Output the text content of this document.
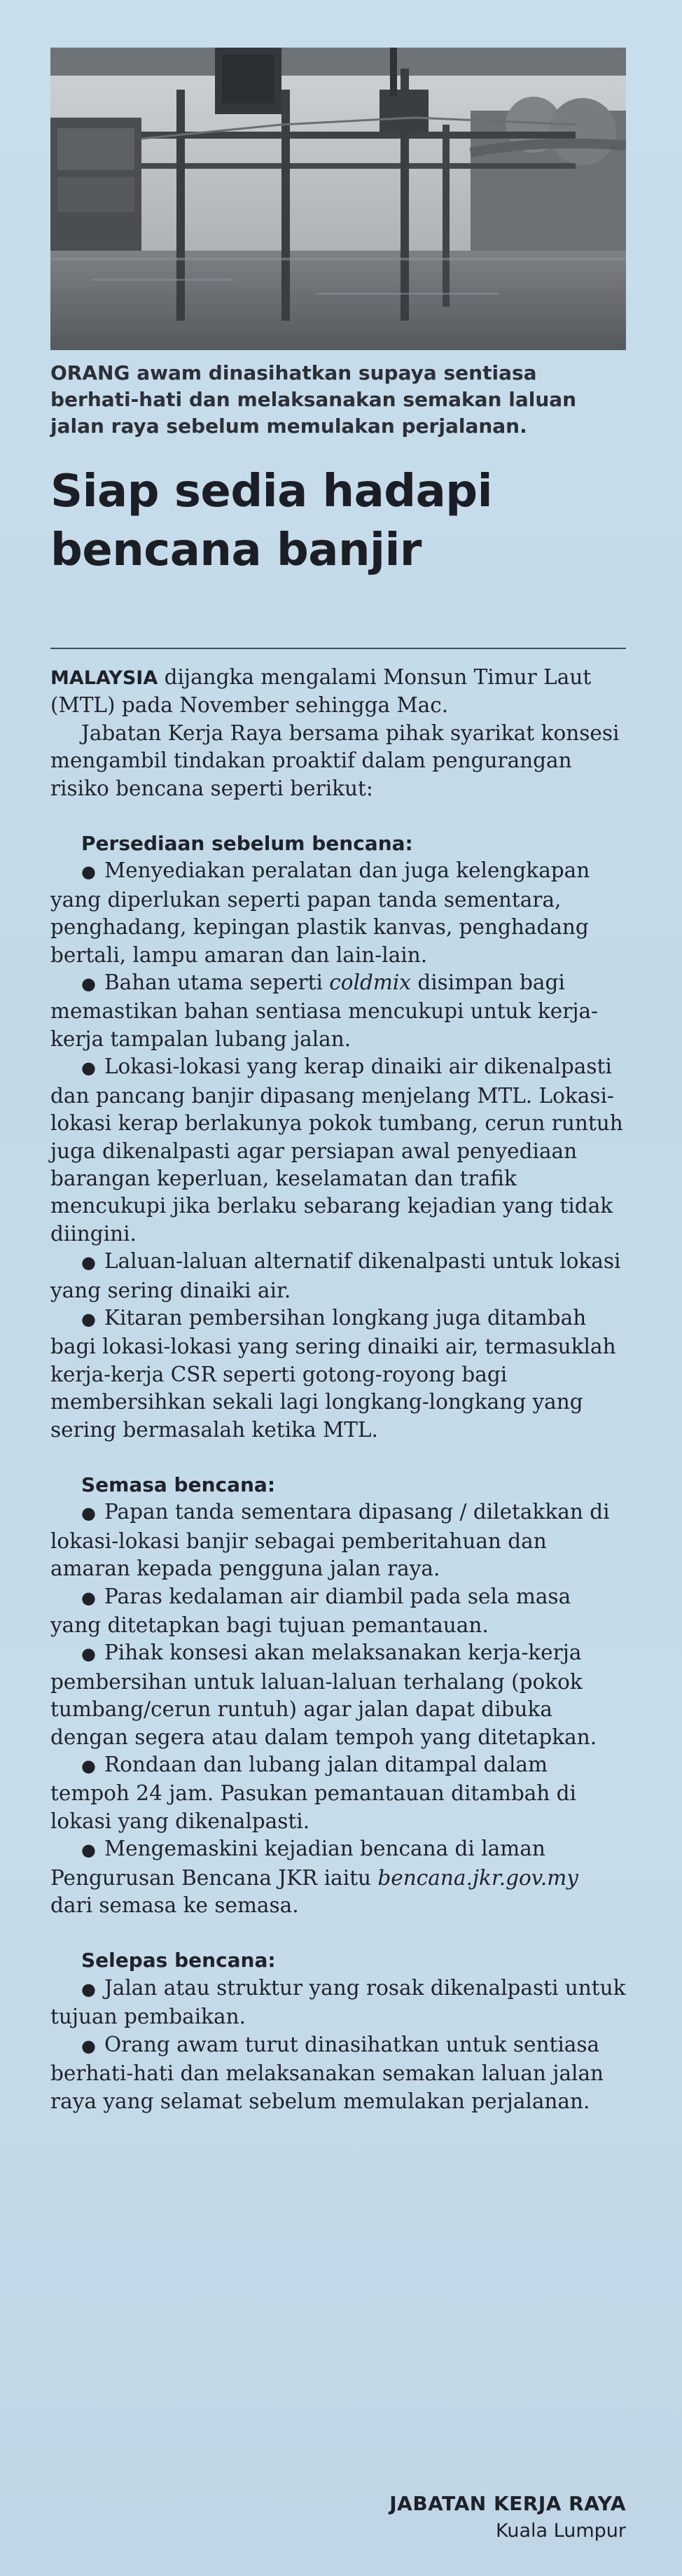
ORANG awam dinasihatkan supaya sentiasa berhati-hati dan melaksanakan semakan laluan jalan raya sebelum memulakan perjalanan.

Siap sedia hadapi bencana banjir

MALAYSIA dijangka mengalami Monsun Timur Laut (MTL) pada November sehingga Mac.

Jabatan Kerja Raya bersama pihak syarikat konsesi mengambil tindakan proaktif dalam pengurangan risiko bencana seperti berikut:

Persediaan sebelum bencana:

● Menyediakan peralatan dan juga kelengkapan yang diperlukan seperti papan tanda sementara, penghadang, kepingan plastik kanvas, penghadang bertali, lampu amaran dan lain-lain.

● Bahan utama seperti coldmix disimpan bagi memastikan bahan sentiasa mencukupi untuk kerja-kerja tampalan lubang jalan.

● Lokasi-lokasi yang kerap dinaiki air dikenalpasti dan pancang banjir dipasang menjelang MTL. Lokasi-lokasi kerap berlakunya pokok tumbang, cerun runtuh juga dikenalpasti agar persiapan awal penyediaan barangan keperluan, keselamatan dan trafik mencukupi jika berlaku sebarang kejadian yang tidak diingini.

● Laluan-laluan alternatif dikenalpasti untuk lokasi yang sering dinaiki air.

● Kitaran pembersihan longkang juga ditambah bagi lokasi-lokasi yang sering dinaiki air, termasuklah kerja-kerja CSR seperti gotong-royong bagi membersihkan sekali lagi longkang-longkang yang sering bermasalah ketika MTL.

Semasa bencana:

● Papan tanda sementara dipasang / diletakkan di lokasi-lokasi banjir sebagai pemberitahuan dan amaran kepada pengguna jalan raya.

● Paras kedalaman air diambil pada sela masa yang ditetapkan bagi tujuan pemantauan.

● Pihak konsesi akan melaksanakan kerja-kerja pembersihan untuk laluan-laluan terhalang (pokok tumbang/cerun runtuh) agar jalan dapat dibuka dengan segera atau dalam tempoh yang ditetapkan.

● Rondaan dan lubang jalan ditampal dalam tempoh 24 jam. Pasukan pemantauan ditambah di lokasi yang dikenalpasti.

● Mengemaskini kejadian bencana di laman Pengurusan Bencana JKR iaitu bencana.jkr.gov.my dari semasa ke semasa.

Selepas bencana:

● Jalan atau struktur yang rosak dikenalpasti untuk tujuan pembaikan.

● Orang awam turut dinasihatkan untuk sentiasa berhati-hati dan melaksanakan semakan laluan jalan raya yang selamat sebelum memulakan perjalanan.

JABATAN KERJA RAYA
Kuala Lumpur
